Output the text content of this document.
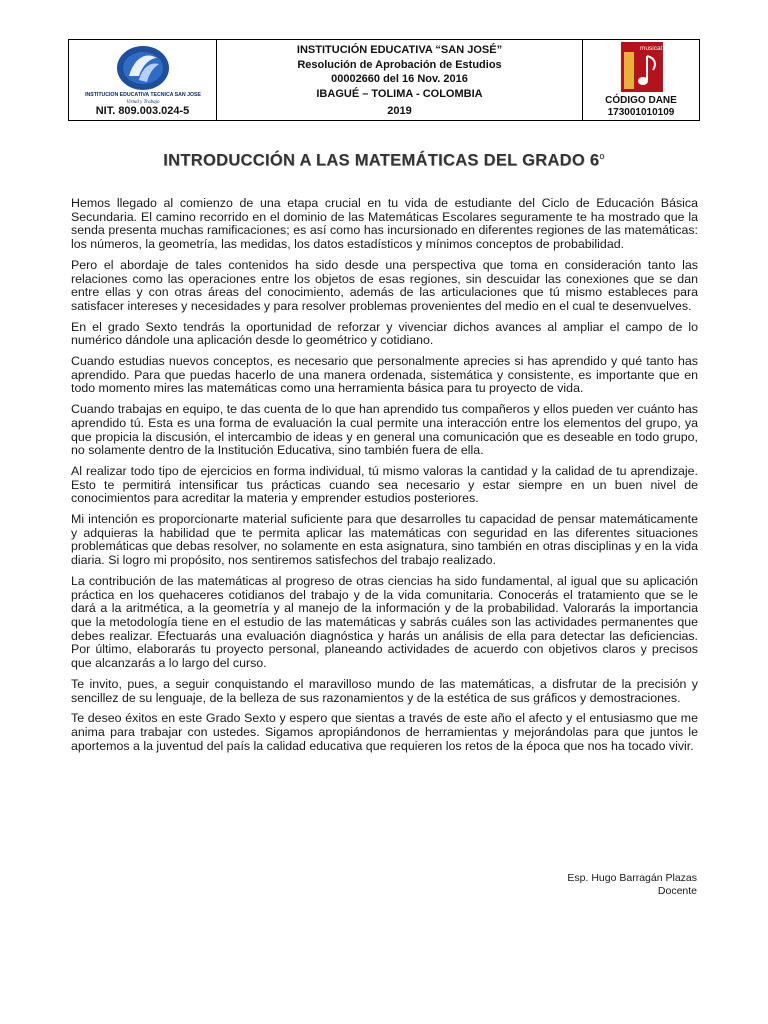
INSTITUCION EDUCATIVA TECNICA SAN JOSE
Virtud y Trabajo
NIT. 809.003.024-5
INSTITUCIÓN EDUCATIVA “SAN JOSÉ”
Resolución de Aprobación de Estudios
00002660 del 16 Nov. 2016
IBAGUÉ – TOLIMA - COLOMBIA
2019
musical
CÓDIGO DANE
173001010109
INTRODUCCIÓN A LAS MATEMÁTICAS DEL GRADO 6$^o$

Hemos llegado al comienzo de una etapa crucial en tu vida de estudiante del Ciclo de Educación Básica Secundaria. El camino recorrido en el dominio de las Matemáticas Escolares seguramente te ha mostrado que la senda presenta muchas ramificaciones; es así como has incursionado en diferentes regiones de las matemáticas: los números, la geometría, las medidas, los datos estadísticos y mínimos conceptos de probabilidad.

Pero el abordaje de tales contenidos ha sido desde una perspectiva que toma en consideración tanto las relaciones como las operaciones entre los objetos de esas regiones, sin descuidar las conexiones que se dan entre ellas y con otras áreas del conocimiento, además de las articulaciones que tú mismo estableces para satisfacer intereses y necesidades y para resolver problemas provenientes del medio en el cual te desenvuelves.

En el grado Sexto tendrás la oportunidad de reforzar y vivenciar dichos avances al ampliar el campo de lo numérico dándole una aplicación desde lo geométrico y cotidiano.

Cuando estudias nuevos conceptos, es necesario que personalmente aprecies si has aprendido y qué tanto has aprendido. Para que puedas hacerlo de una manera ordenada, sistemática y consistente, es importante que en todo momento mires las matemáticas como una herramienta básica para tu proyecto de vida.

Cuando trabajas en equipo, te das cuenta de lo que han aprendido tus compañeros y ellos pueden ver cuánto has aprendido tú. Esta es una forma de evaluación la cual permite una interacción entre los elementos del grupo, ya que propicia la discusión, el intercambio de ideas y en general una comunicación que es deseable en todo grupo, no solamente dentro de la Institución Educativa, sino también fuera de ella.

Al realizar todo tipo de ejercicios en forma individual, tú mismo valoras la cantidad y la calidad de tu aprendizaje. Esto te permitirá intensificar tus prácticas cuando sea necesario y estar siempre en un buen nivel de conocimientos para acreditar la materia y emprender estudios posteriores.

Mi intención es proporcionarte material suficiente para que desarrolles tu capacidad de pensar matemáticamente y adquieras la habilidad que te permita aplicar las matemáticas con seguridad en las diferentes situaciones problemáticas que debas resolver, no solamente en esta asignatura, sino también en otras disciplinas y en la vida diaria. Si logro mi propósito, nos sentiremos satisfechos del trabajo realizado.

La contribución de las matemáticas al progreso de otras ciencias ha sido fundamental, al igual que su aplicación práctica en los quehaceres cotidianos del trabajo y de la vida comunitaria. Conocerás el tratamiento que se le dará a la aritmética, a la geometría y al manejo de la información y de la probabilidad. Valorarás la importancia que la metodología tiene en el estudio de las matemáticas y sabrás cuáles son las actividades permanentes que debes realizar. Efectuarás una evaluación diagnóstica y harás un análisis de ella para detectar las deficiencias. Por último, elaborarás tu proyecto personal, planeando actividades de acuerdo con objetivos claros y precisos que alcanzarás a lo largo del curso.

Te invito, pues, a seguir conquistando el maravilloso mundo de las matemáticas, a disfrutar de la precisión y sencillez de su lenguaje, de la belleza de sus razonamientos y de la estética de sus gráficos y demostraciones.

Te deseo éxitos en este Grado Sexto y espero que sientas a través de este año el afecto y el entusiasmo que me anima para trabajar con ustedes. Sigamos apropiándonos de herramientas y mejorándolas para que juntos le aportemos a la juventud del país la calidad educativa que requieren los retos de la época que nos ha tocado vivir.

Esp. Hugo Barragán Plazas
Docente
